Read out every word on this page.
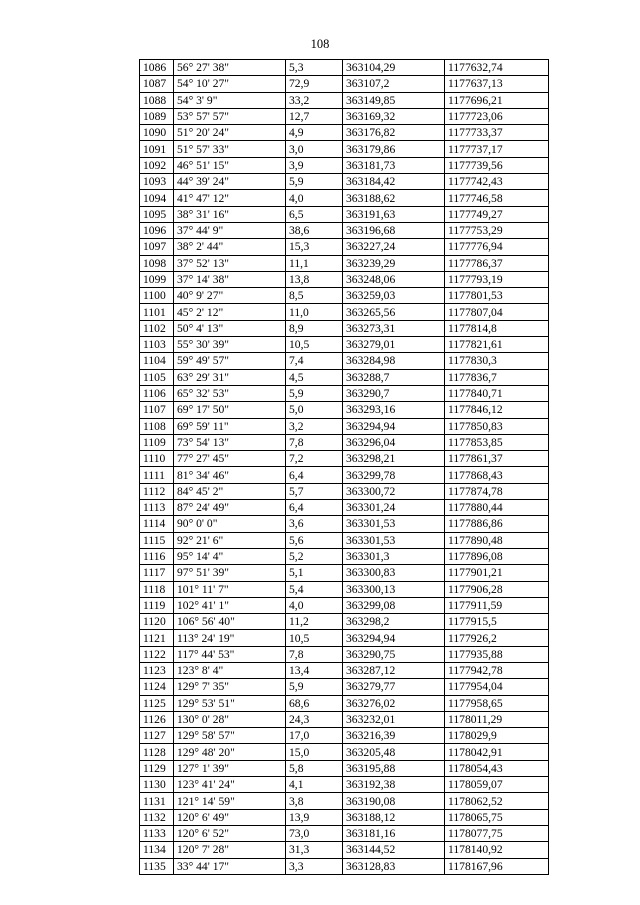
108
1086	56° 27' 38"	5,3	363104,29	1177632,74
1087	54° 10' 27"	72,9	363107,2	1177637,13
1088	54° 3' 9"	33,2	363149,85	1177696,21
1089	53° 57' 57"	12,7	363169,32	1177723,06
1090	51° 20' 24"	4,9	363176,82	1177733,37
1091	51° 57' 33"	3,0	363179,86	1177737,17
1092	46° 51' 15"	3,9	363181,73	1177739,56
1093	44° 39' 24"	5,9	363184,42	1177742,43
1094	41° 47' 12"	4,0	363188,62	1177746,58
1095	38° 31' 16"	6,5	363191,63	1177749,27
1096	37° 44' 9"	38,6	363196,68	1177753,29
1097	38° 2' 44"	15,3	363227,24	1177776,94
1098	37° 52' 13"	11,1	363239,29	1177786,37
1099	37° 14' 38"	13,8	363248,06	1177793,19
1100	40° 9' 27"	8,5	363259,03	1177801,53
1101	45° 2' 12"	11,0	363265,56	1177807,04
1102	50° 4' 13"	8,9	363273,31	1177814,8
1103	55° 30' 39"	10,5	363279,01	1177821,61
1104	59° 49' 57"	7,4	363284,98	1177830,3
1105	63° 29' 31"	4,5	363288,7	1177836,7
1106	65° 32' 53"	5,9	363290,7	1177840,71
1107	69° 17' 50"	5,0	363293,16	1177846,12
1108	69° 59' 11"	3,2	363294,94	1177850,83
1109	73° 54' 13"	7,8	363296,04	1177853,85
1110	77° 27' 45"	7,2	363298,21	1177861,37
1111	81° 34' 46"	6,4	363299,78	1177868,43
1112	84° 45' 2"	5,7	363300,72	1177874,78
1113	87° 24' 49"	6,4	363301,24	1177880,44
1114	90° 0' 0"	3,6	363301,53	1177886,86
1115	92° 21' 6"	5,6	363301,53	1177890,48
1116	95° 14' 4"	5,2	363301,3	1177896,08
1117	97° 51' 39"	5,1	363300,83	1177901,21
1118	101° 11' 7"	5,4	363300,13	1177906,28
1119	102° 41' 1"	4,0	363299,08	1177911,59
1120	106° 56' 40"	11,2	363298,2	1177915,5
1121	113° 24' 19"	10,5	363294,94	1177926,2
1122	117° 44' 53"	7,8	363290,75	1177935,88
1123	123° 8' 4"	13,4	363287,12	1177942,78
1124	129° 7' 35"	5,9	363279,77	1177954,04
1125	129° 53' 51"	68,6	363276,02	1177958,65
1126	130° 0' 28"	24,3	363232,01	1178011,29
1127	129° 58' 57"	17,0	363216,39	1178029,9
1128	129° 48' 20"	15,0	363205,48	1178042,91
1129	127° 1' 39"	5,8	363195,88	1178054,43
1130	123° 41' 24"	4,1	363192,38	1178059,07
1131	121° 14' 59"	3,8	363190,08	1178062,52
1132	120° 6' 49"	13,9	363188,12	1178065,75
1133	120° 6' 52"	73,0	363181,16	1178077,75
1134	120° 7' 28"	31,3	363144,52	1178140,92
1135	33° 44' 17"	3,3	363128,83	1178167,96
